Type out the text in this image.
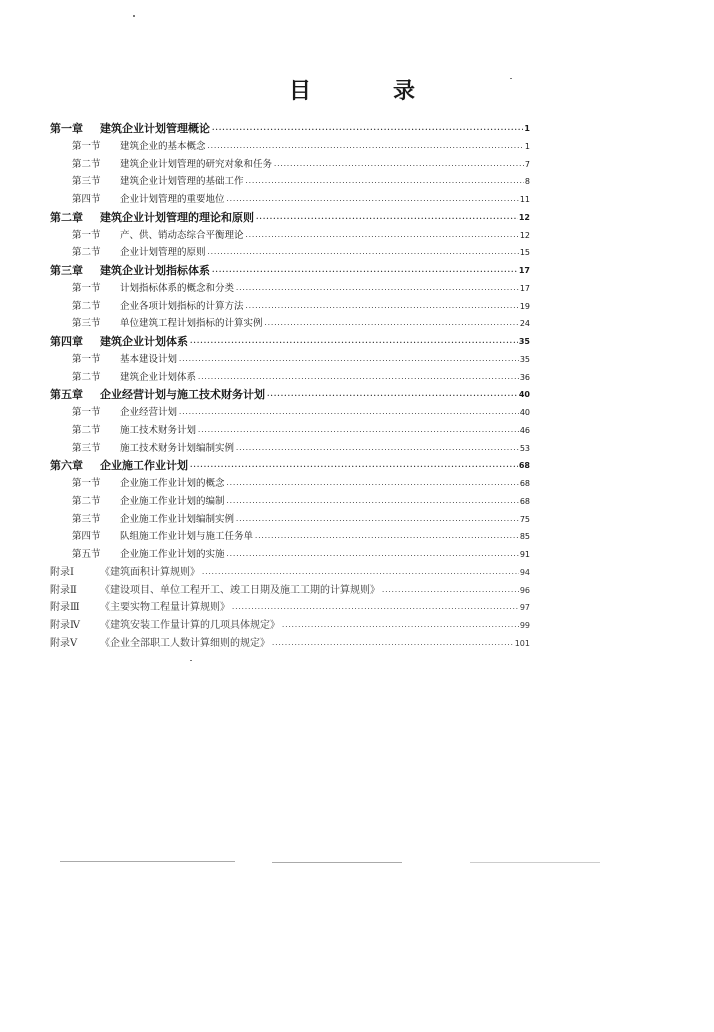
目　录
第一章	建筑企业计划管理概论 ·····	1
第一节	建筑企业的基本概念 ·····	1
第二节	建筑企业计划管理的研究对象和任务 ·····	7
第三节	建筑企业计划管理的基础工作 ·····	8
第四节	企业计划管理的重要地位 ·····	11
第二章	建筑企业计划管理的理论和原则 ·····	12
第一节	产、供、销动态综合平衡理论 ·····	12
第二节	企业计划管理的原则 ·····	15
第三章	建筑企业计划指标体系 ·····	17
第一节	计划指标体系的概念和分类 ·····	17
第二节	企业各项计划指标的计算方法 ·····	19
第三节	单位建筑工程计划指标的计算实例 ·····	24
第四章	建筑企业计划体系 ·····	35
第一节	基本建设计划 ·····	35
第二节	建筑企业计划体系 ·····	36
第五章	企业经营计划与施工技术财务计划 ·····	40
第一节	企业经营计划 ·····	40
第二节	施工技术财务计划 ·····	46
第三节	施工技术财务计划编制实例 ·····	53
第六章	企业施工作业计划 ·····	68
第一节	企业施工作业计划的概念 ·····	68
第二节	企业施工作业计划的编制 ·····	68
第三节	企业施工作业计划编制实例 ·····	75
第四节	队组施工作业计划与施工任务单 ·····	85
第五节	企业施工作业计划的实施 ·····	91
附录Ⅰ	《建筑面积计算规则》 ·····	94
附录Ⅱ	《建设项目、单位工程开工、竣工日期及施工工期的计算规则》 ·····	96
附录Ⅲ	《主要实物工程量计算规则》 ·····	97
附录Ⅳ	《建筑安装工作量计算的几项具体规定》 ·····	99
附录Ⅴ	《企业全部职工人数计算细则的规定》 ·····	101
